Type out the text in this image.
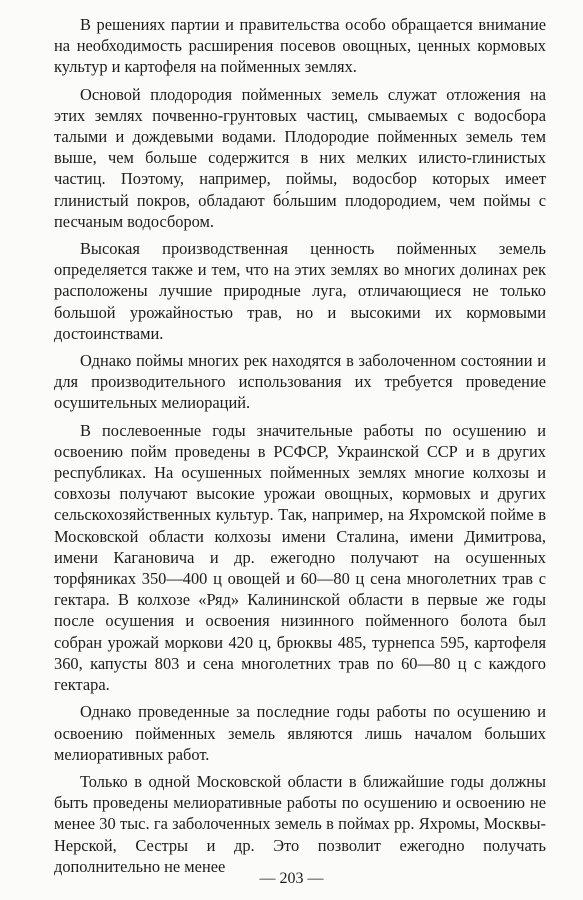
В решениях партии и правительства особо обращается внимание на необходимость расширения посевов овощных, ценных кормовых культур и картофеля на пойменных землях.

Основой плодородия пойменных земель служат отложения на этих землях почвенно-грунтовых частиц, смываемых с водосбора талыми и дождевыми водами. Плодородие пойменных земель тем выше, чем больше содержится в них мелких илисто-глинистых частиц. Поэтому, например, поймы, водосбор которых имеет глинистый покров, обладают бо́льшим плодородием, чем поймы с песчаным водосбором.

Высокая производственная ценность пойменных земель определяется также и тем, что на этих землях во многих долинах рек расположены лучшие природные луга, отличающиеся не только большой урожайностью трав, но и высокими их кормовыми достоинствами.

Однако поймы многих рек находятся в заболоченном состоянии и для производительного использования их требуется проведение осушительных мелиораций.

В послевоенные годы значительные работы по осушению и освоению пойм проведены в РСФСР, Украинской ССР и в других республиках. На осушенных пойменных землях многие колхозы и совхозы получают высокие урожаи овощных, кормовых и других сельскохозяйственных культур. Так, например, на Яхромской пойме в Московской области колхозы имени Сталина, имени Димитрова, имени Кагановича и др. ежегодно получают на осушенных торфяниках 350—400 ц овощей и 60—80 ц сена многолетних трав с гектара. В колхозе «Ряд» Калининской области в первые же годы после осушения и освоения низинного пойменного болота был собран урожай моркови 420 ц, брюквы 485, турнепса 595, картофеля 360, капусты 803 и сена многолетних трав по 60—80 ц с каждого гектара.

Однако проведенные за последние годы работы по осушению и освоению пойменных земель являются лишь началом больших мелиоративных работ.

Только в одной Московской области в ближайшие годы должны быть проведены мелиоративные работы по осушению и освоению не менее 30 тыс. га заболоченных земель в поймах рр. Яхромы, Москвы-Нерской, Сестры и др. Это позволит ежегодно получать дополнительно не менее

— 203 —
